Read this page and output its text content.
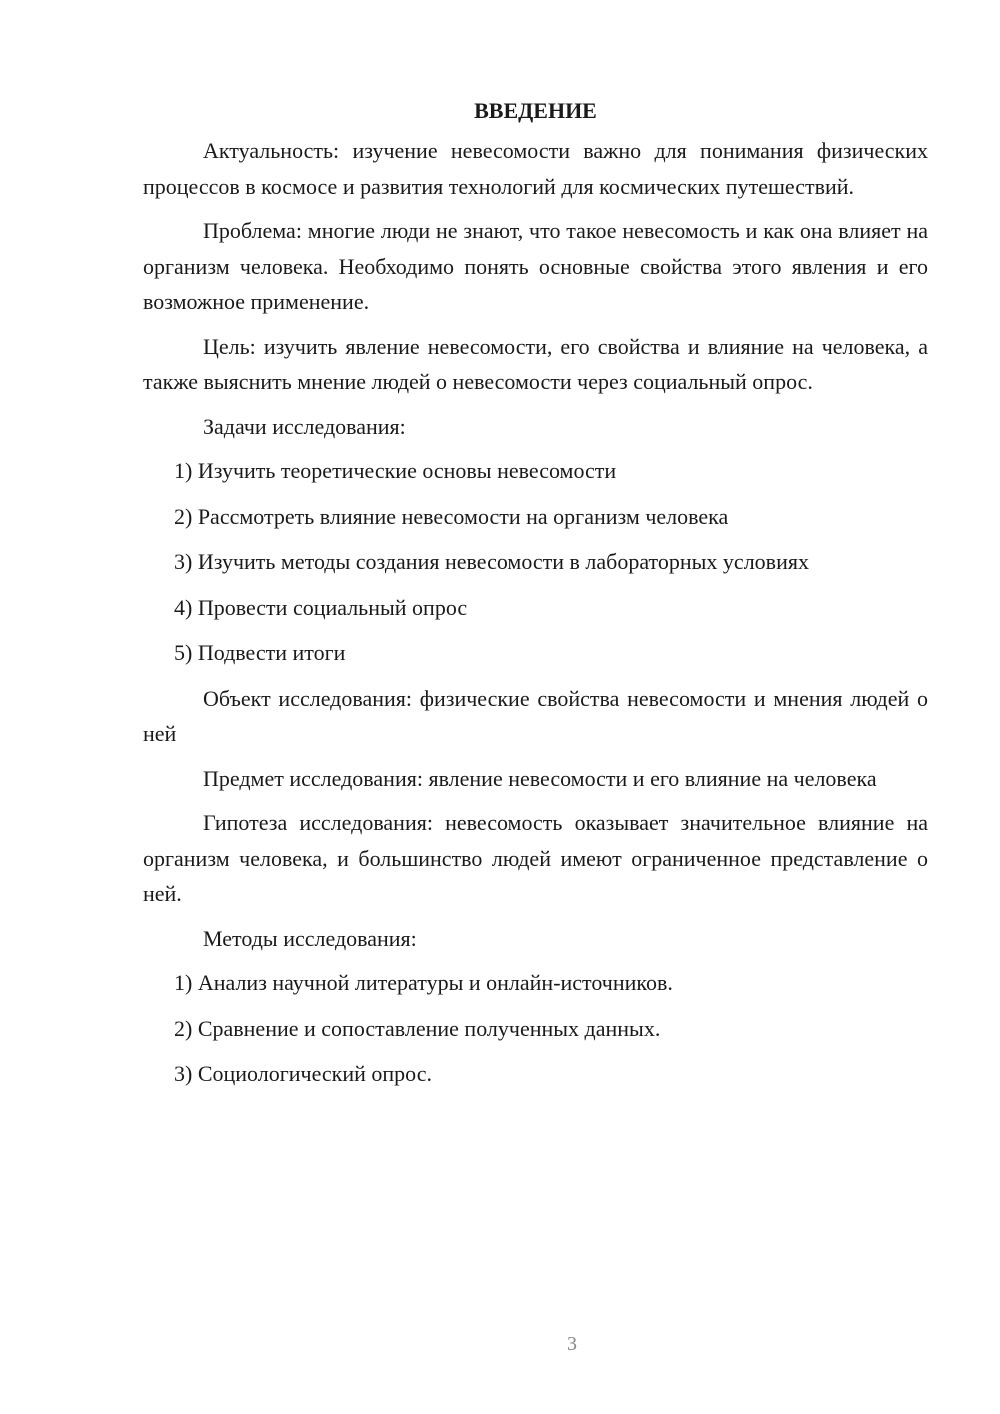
ВВЕДЕНИЕ

Актуальность: изучение невесомости важно для понимания физических процессов в космосе и развития технологий для космических путешествий.

Проблема: многие люди не знают, что такое невесомость и как она влияет на организм человека. Необходимо понять основные свойства этого явления и его возможное применение.

Цель: изучить явление невесомости, его свойства и влияние на человека, а также выяснить мнение людей о невесомости через социальный опрос.

Задачи исследования:

1) Изучить теоретические основы невесомости

2) Рассмотреть влияние невесомости на организм человека

3) Изучить методы создания невесомости в лабораторных условиях

4) Провести социальный опрос

5) Подвести итоги

Объект исследования: физические свойства невесомости и мнения людей о ней

Предмет исследования: явление невесомости и его влияние на человека

Гипотеза исследования: невесомость оказывает значительное влияние на организм человека, и большинство людей имеют ограниченное представление о ней.

Методы исследования:

1) Анализ научной литературы и онлайн-источников.

2) Сравнение и сопоставление полученных данных.

3) Социологический опрос.

3
